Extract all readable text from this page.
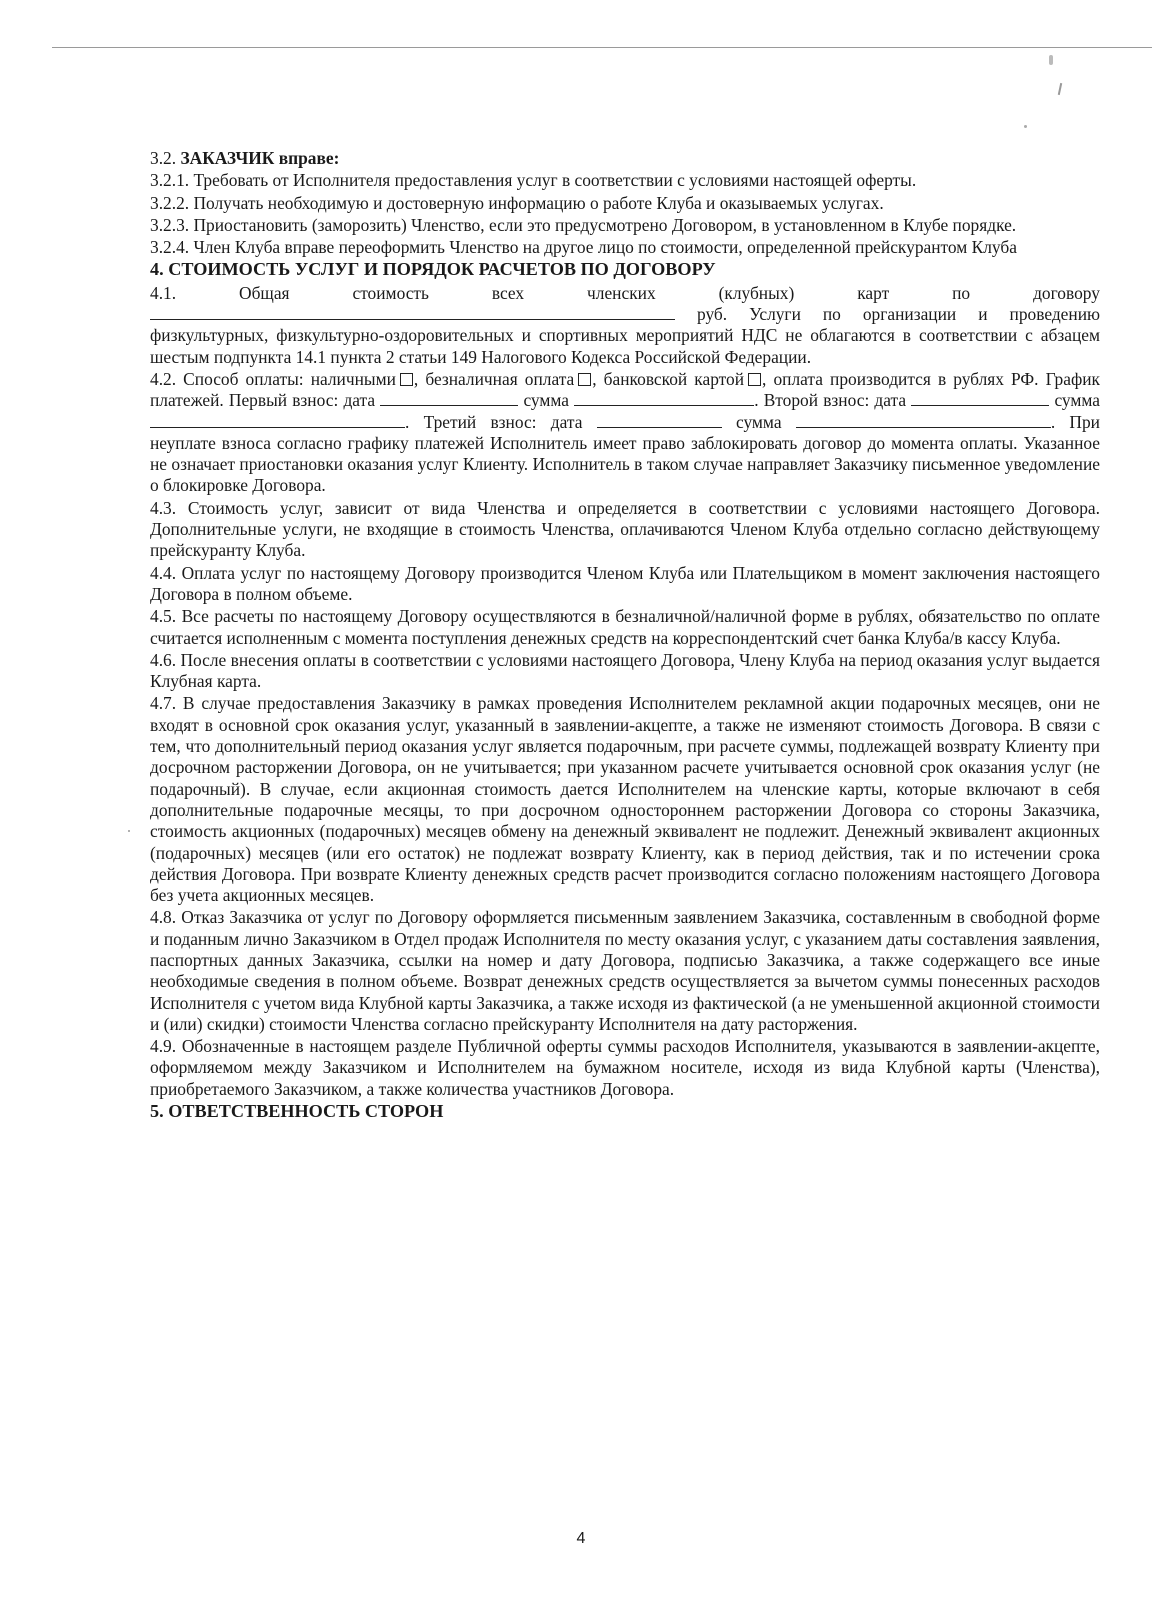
3.2. ЗАКАЗЧИК вправе:
3.2.1. Требовать от Исполнителя предоставления услуг в соответствии с условиями настоящей оферты.
3.2.2. Получать необходимую и достоверную информацию о работе Клуба и оказываемых услугах.
3.2.3. Приостановить (заморозить) Членство, если это предусмотрено Договором, в установленном в Клубе порядке.
3.2.4. Член Клуба вправе переоформить Членство на другое лицо по стоимости, определенной прейскурантом Клуба
4. СТОИМОСТЬ УСЛУГ И ПОРЯДОК РАСЧЕТОВ ПО ДОГОВОРУ
4.1.	Общая	стоимость	всех	членских	(клубных)	карт	по	договору
руб. Услуги по организации и проведению физкультурных, физкультурно-оздоровительных и спортивных мероприятий НДС не облагаются в соответствии с абзацем шестым подпункта 14.1 пункта 2 статьи 149 Налогового Кодекса Российской Федерации.
4.2. Способ оплаты: наличными , безналичная оплата , банковской картой , оплата производится в рублях РФ. График платежей. Первый взнос: дата	сумма	. Второй взнос: дата	сумма . Третий взнос: дата	сумма	. При неуплате взноса согласно графику платежей Исполнитель имеет право заблокировать договор до момента оплаты. Указанное не означает приостановки оказания услуг Клиенту. Исполнитель в таком случае направляет Заказчику письменное уведомление о блокировке Договора.
4.3. Стоимость услуг, зависит от вида Членства и определяется в соответствии с условиями настоящего Договора. Дополнительные услуги, не входящие в стоимость Членства, оплачиваются Членом Клуба отдельно согласно действующему прейскуранту Клуба.
4.4. Оплата услуг по настоящему Договору производится Членом Клуба или Плательщиком в момент заключения настоящего Договора в полном объеме.
4.5. Все расчеты по настоящему Договору осуществляются в безналичной/наличной форме в рублях, обязательство по оплате считается исполненным с момента поступления денежных средств на корреспондентский счет банка Клуба/в кассу Клуба.
4.6. После внесения оплаты в соответствии с условиями настоящего Договора, Члену Клуба на период оказания услуг выдается Клубная карта.
4.7. В случае предоставления Заказчику в рамках проведения Исполнителем рекламной акции подарочных месяцев, они не входят в основной срок оказания услуг, указанный в заявлении-акцепте, а также не изменяют стоимость Договора. В связи с тем, что дополнительный период оказания услуг является подарочным, при расчете суммы, подлежащей возврату Клиенту при досрочном расторжении Договора, он не учитывается; при указанном расчете учитывается основной срок оказания услуг (не подарочный). В случае, если акционная стоимость дается Исполнителем на членские карты, которые включают в себя дополнительные подарочные месяцы, то при досрочном одностороннем расторжении Договора со стороны Заказчика, стоимость акционных (подарочных) месяцев обмену на денежный эквивалент не подлежит. Денежный эквивалент акционных (подарочных) месяцев (или его остаток) не подлежат возврату Клиенту, как в период действия, так и по истечении срока действия Договора. При возврате Клиенту денежных средств расчет производится согласно положениям настоящего Договора без учета акционных месяцев.
4.8. Отказ Заказчика от услуг по Договору оформляется письменным заявлением Заказчика, составленным в свободной форме и поданным лично Заказчиком в Отдел продаж Исполнителя по месту оказания услуг, с указанием даты составления заявления, паспортных данных Заказчика, ссылки на номер и дату Договора, подписью Заказчика, а также содержащего все иные необходимые сведения в полном объеме. Возврат денежных средств осуществляется за вычетом суммы понесенных расходов Исполнителя с учетом вида Клубной карты Заказчика, а также исходя из фактической (а не уменьшенной акционной стоимости и (или) скидки) стоимости Членства согласно прейскуранту Исполнителя на дату расторжения.
4.9. Обозначенные в настоящем разделе Публичной оферты суммы расходов Исполнителя, указываются в заявлении-акцепте, оформляемом между Заказчиком и Исполнителем на бумажном носителе, исходя из вида Клубной карты (Членства), приобретаемого Заказчиком, а также количества участников Договора.
5. ОТВЕТСТВЕННОСТЬ СТОРОН
4
